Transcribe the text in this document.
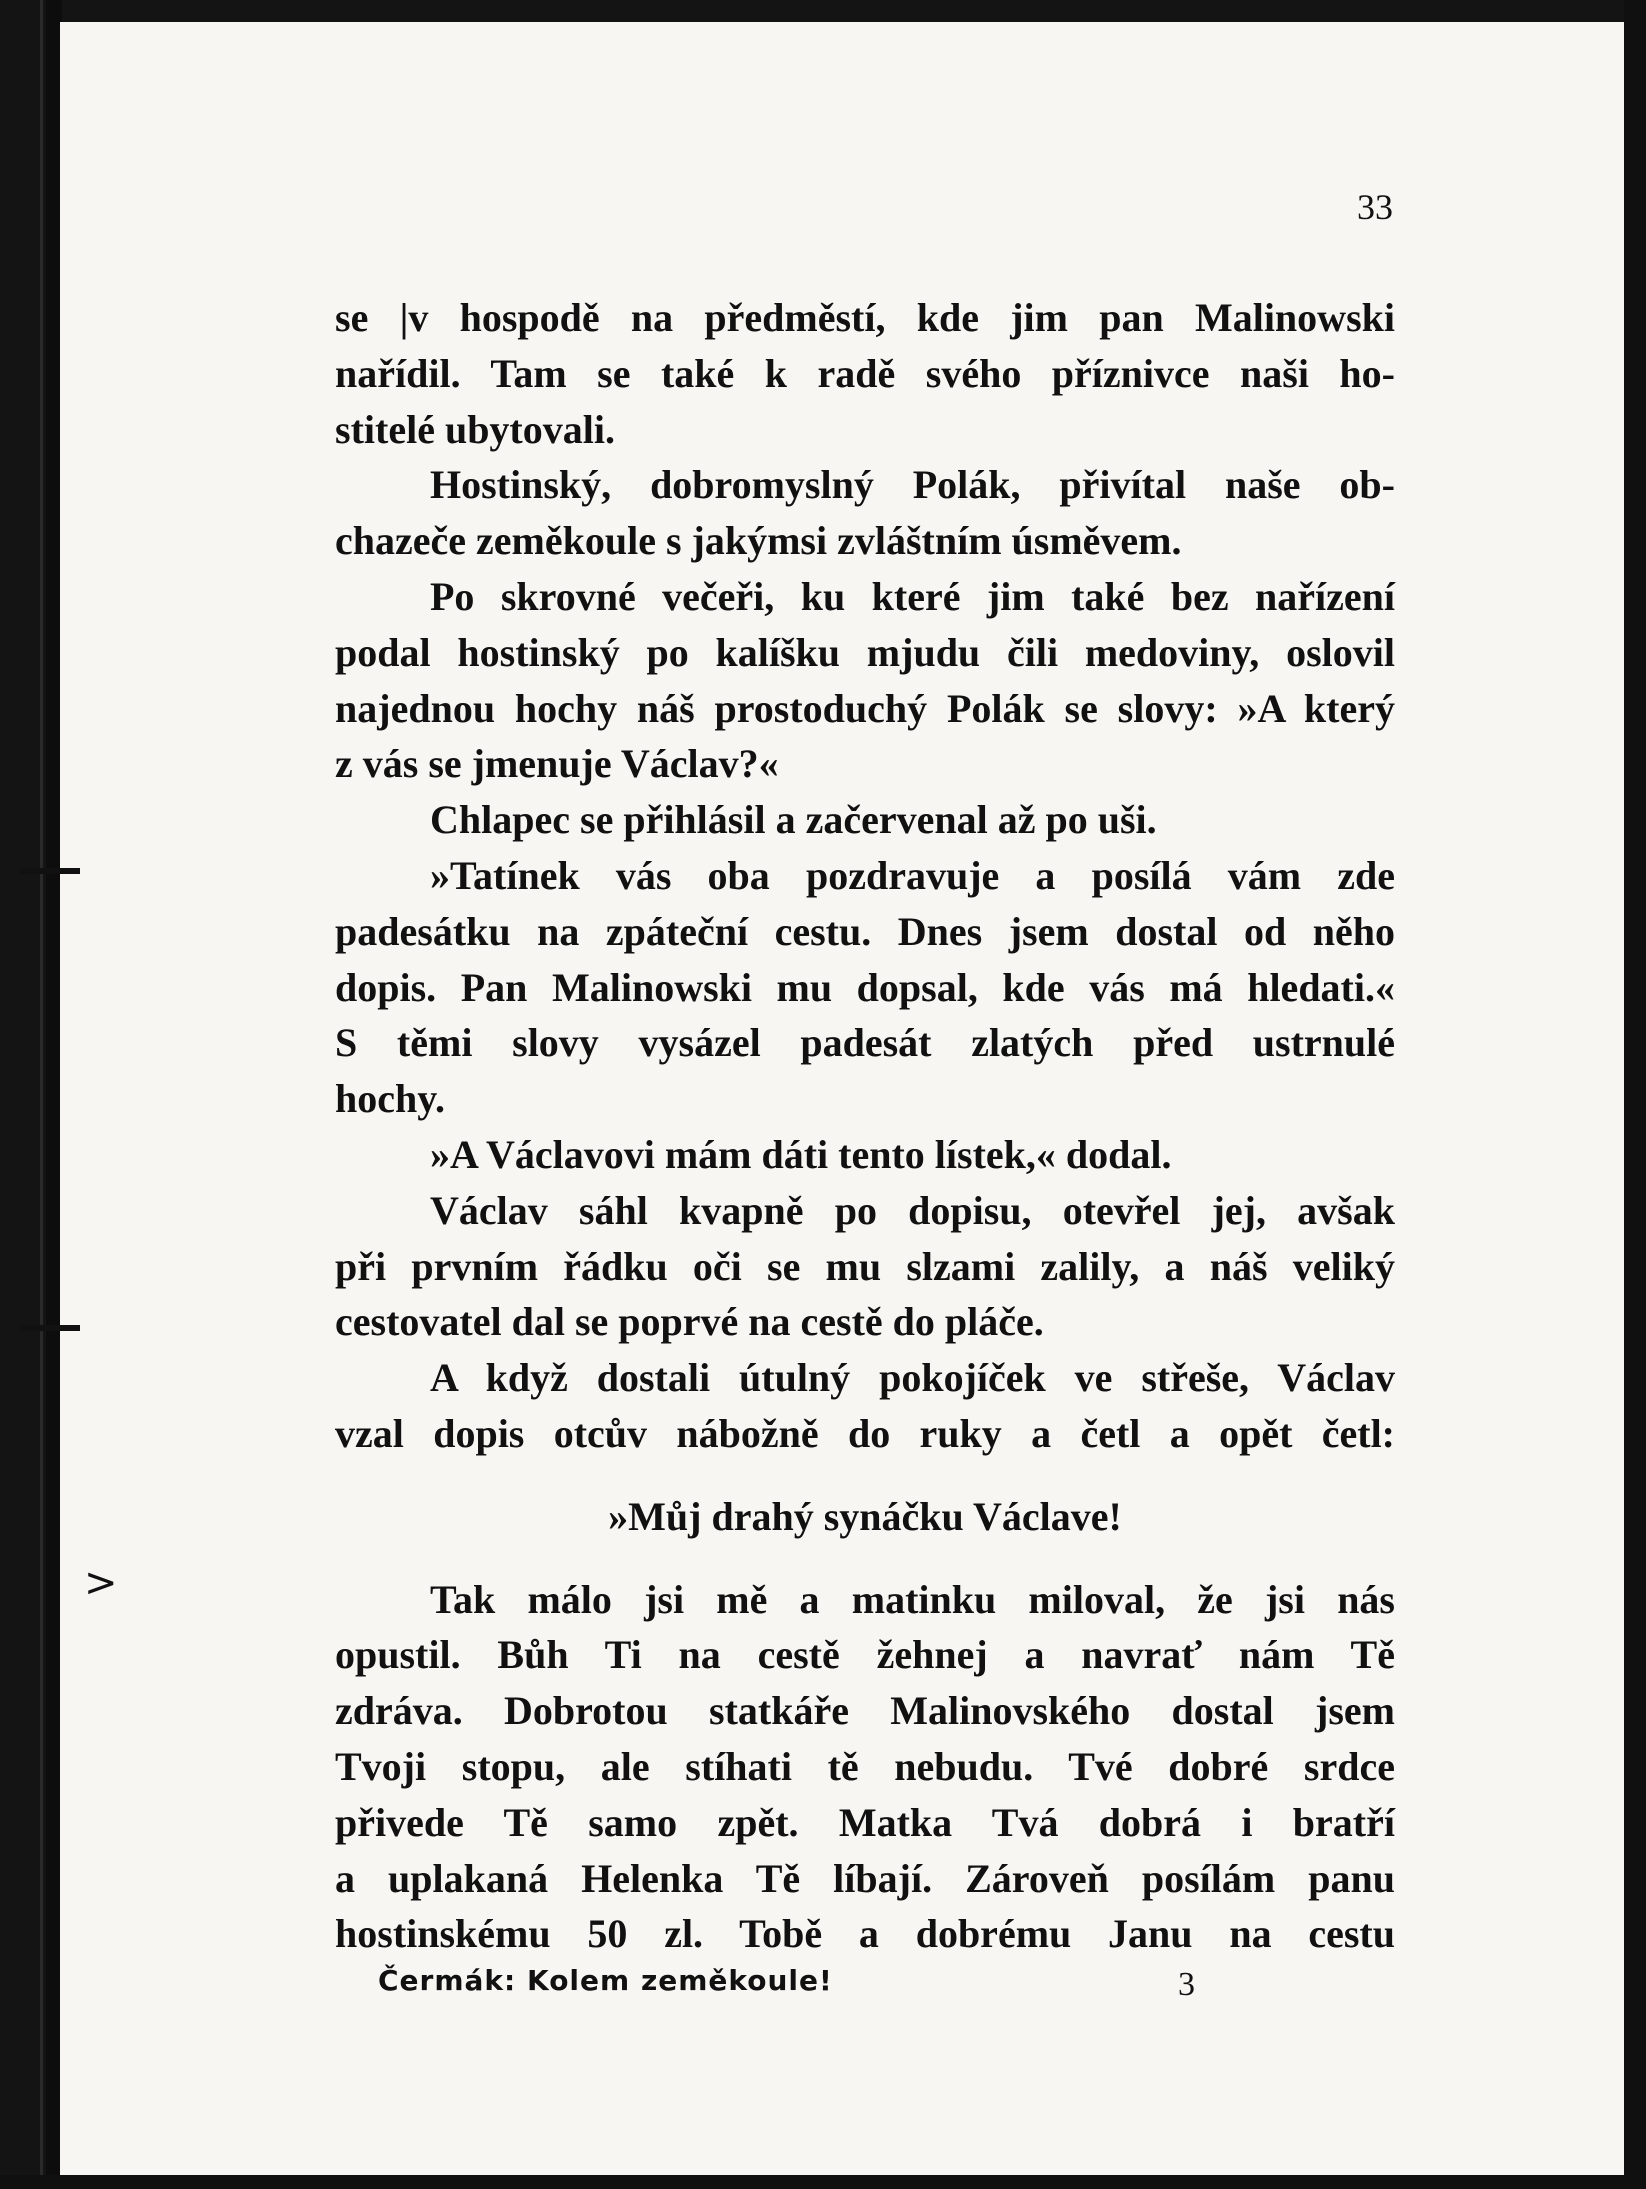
>
33
se |v hospodě na předměstí, kde jim pan Malinowski
nařídil. Tam se také k radě svého příznivce naši ho-
stitelé ubytovali.
Hostinský, dobromyslný Polák, přivítal naše ob-
chazeče zeměkoule s jakýmsi zvláštním úsměvem.
Po skrovné večeři, ku které jim také bez nařízení
podal hostinský po kalíšku mjudu čili medoviny, oslovil
najednou hochy náš prostoduchý Polák se slovy: »A který
z vás se jmenuje Václav?«
Chlapec se přihlásil a začervenal až po uši.
»Tatínek vás oba pozdravuje a posílá vám zde
padesátku na zpáteční cestu. Dnes jsem dostal od něho
dopis. Pan Malinowski mu dopsal, kde vás má hledati.«
S těmi slovy vysázel padesát zlatých před ustrnulé
hochy.
»A Václavovi mám dáti tento lístek,« dodal.
Václav sáhl kvapně po dopisu, otevřel jej, avšak
při prvním řádku oči se mu slzami zalily, a náš veliký
cestovatel dal se poprvé na cestě do pláče.
A když dostali útulný pokojíček ve střeše, Václav
vzal dopis otcův nábožně do ruky a četl a opět četl:
»Můj drahý synáčku Václave!
Tak málo jsi mě a matinku miloval, že jsi nás
opustil. Bůh Ti na cestě žehnej a navrať nám Tě
zdráva. Dobrotou statkáře Malinovského dostal jsem
Tvoji stopu, ale stíhati tě nebudu. Tvé dobré srdce
přivede Tě samo zpět. Matka Tvá dobrá i bratří
a uplakaná Helenka Tě líbají. Zároveň posílám panu
hostinskému 50 zl. Tobě a dobrému Janu na cestu
Čermák: Kolem zeměkoule!	3
